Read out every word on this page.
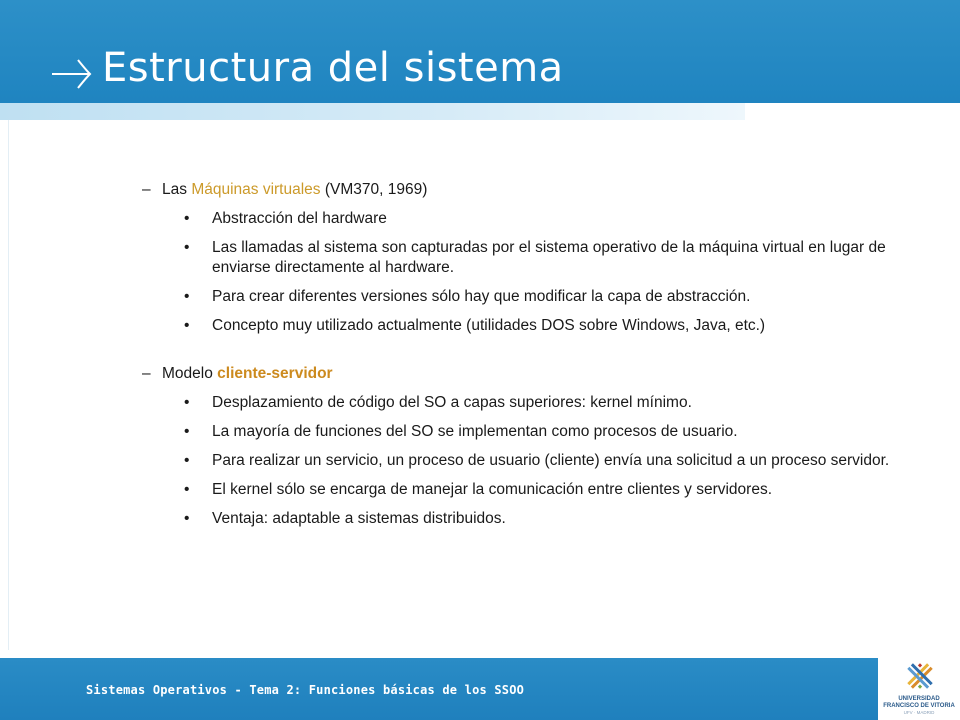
Estructura del sistema
– Las Máquinas virtuales (VM370, 1969)
• Abstracción del hardware
• Las llamadas al sistema son capturadas por el sistema operativo de la máquina virtual en lugar de enviarse directamente al hardware.
• Para crear diferentes versiones sólo hay que modificar la capa de abstracción.
• Concepto muy utilizado actualmente (utilidades DOS sobre Windows, Java, etc.)
– Modelo cliente-servidor
• Desplazamiento de código del SO a capas superiores: kernel mínimo.
• La mayoría de funciones del SO se implementan como procesos de usuario.
• Para realizar un servicio, un proceso de usuario (cliente) envía una solicitud a un proceso servidor.
• El kernel sólo se encarga de manejar la comunicación entre clientes y servidores.
• Ventaja: adaptable a sistemas distribuidos.
Sistemas Operativos - Tema 2: Funciones básicas de los SSOO
UNIVERSIDAD
FRANCISCO DE VITORIA
UFV · MADRID
